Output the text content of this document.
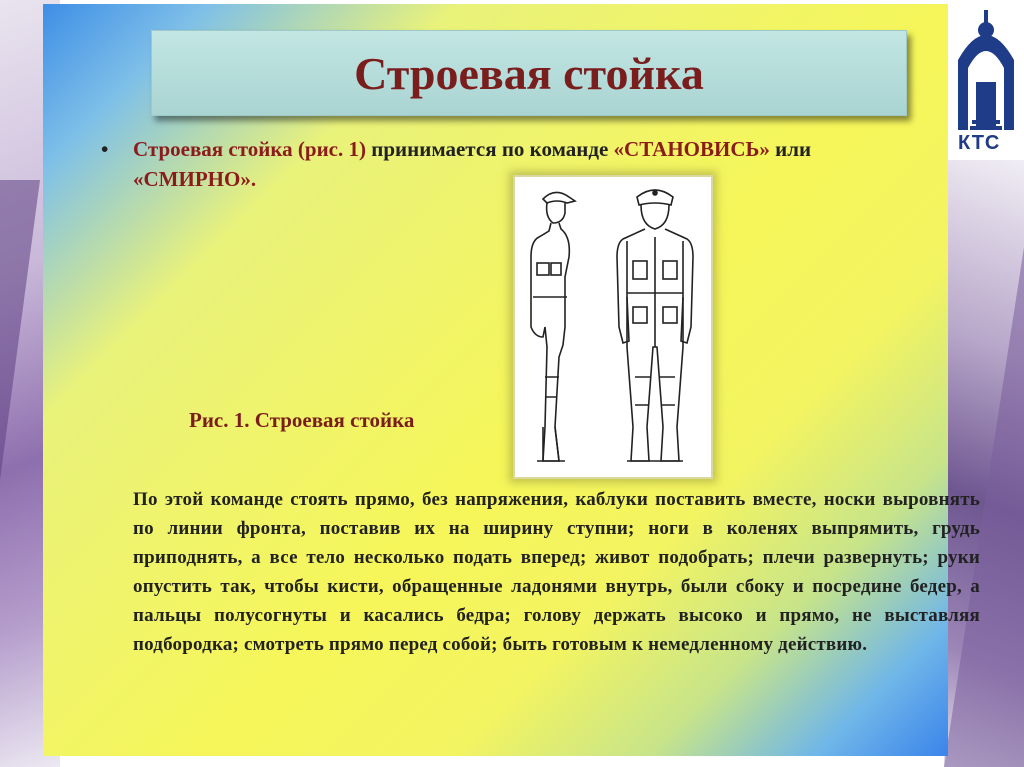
КТС
Строевая стойка
•	Строевая стойка (рис. 1) принимается по команде «СТАНОВИСЬ» или
«СМИРНО».
Рис. 1. Строевая стойка
По этой команде стоять прямо, без напряжения, каблуки поставить вместе, носки выровнять по линии фронта, поставив их на ширину ступни; ноги в коленях выпрямить, грудь приподнять, а все тело несколько подать вперед; живот подобрать; плечи развернуть; руки опустить так, чтобы кисти, обращенные ладонями внутрь, были сбоку и посредине бедер, а пальцы полусогнуты и касались бедра; голову держать высоко и прямо, не выставляя подбородка; смотреть прямо перед собой; быть готовым к немедленному действию.
